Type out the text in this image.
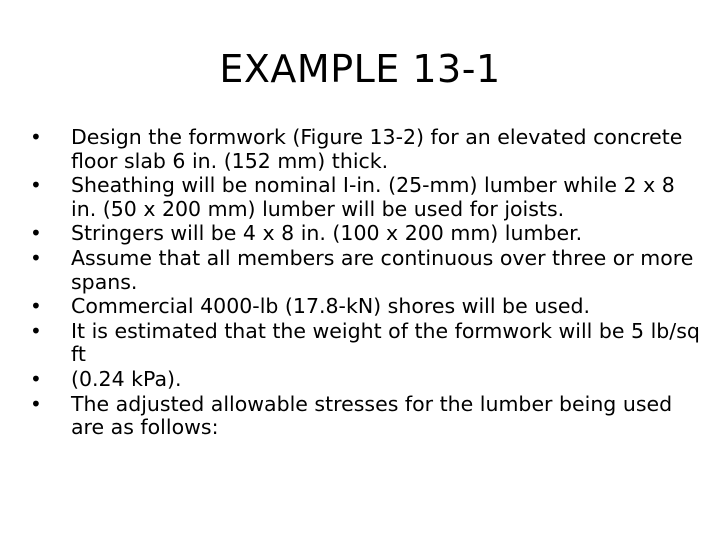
EXAMPLE 13-1
•	Design the formwork (Figure 13-2) for an elevated concrete floor slab 6 in. (152 mm) thick.
•	Sheathing will be nominal I-in. (25-mm) lumber while 2 x 8 in. (50 x 200 mm) lumber will be used for joists.
•	Stringers will be 4 x 8 in. (100 x 200 mm) lumber.
•	Assume that all members are continuous over three or more spans.
•	Commercial 4000-lb (17.8-kN) shores will be used.
•	It is estimated that the weight of the formwork will be 5 lb/sq ft
•	(0.24 kPa).
•	The adjusted allowable stresses for the lumber being used are as follows:
